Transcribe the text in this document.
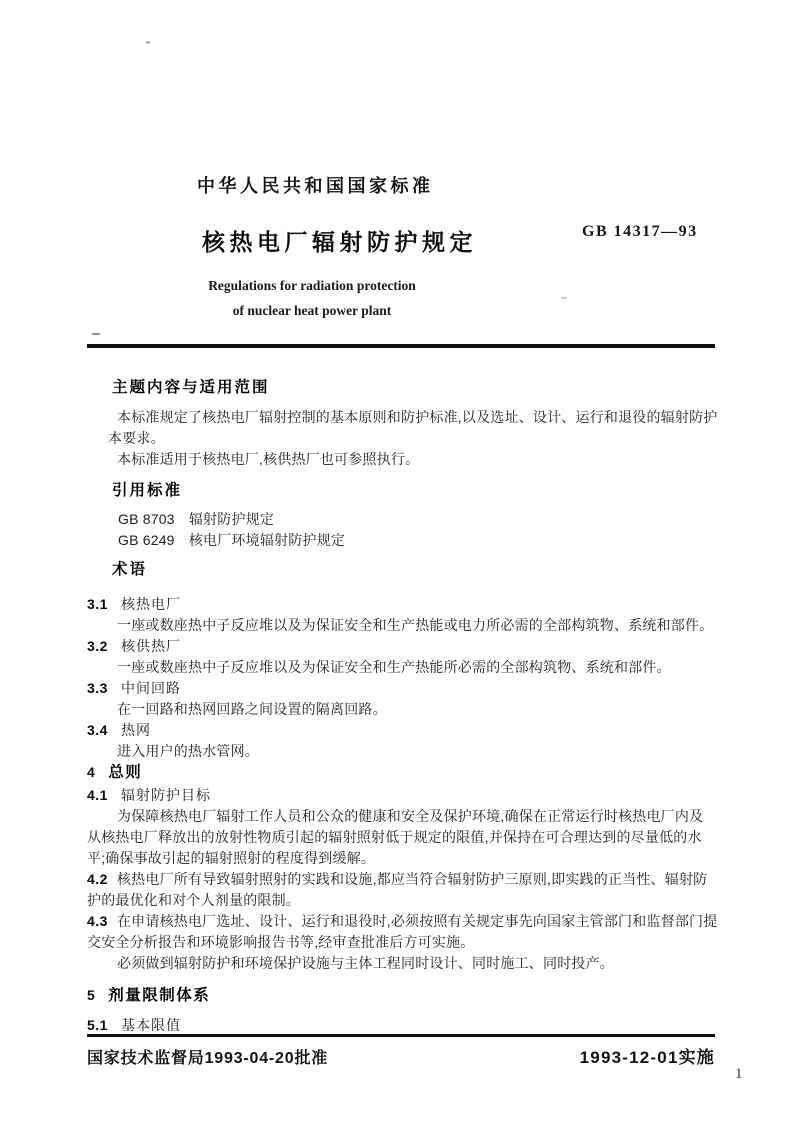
中华人民共和国国家标准
GB 14317—93
核热电厂辐射防护规定
Regulations for radiation protection
of nuclear heat power plant
主题内容与适用范围
本标准规定了核热电厂辐射控制的基本原则和防护标准,以及选址、设计、运行和退役的辐射防护
本要求。
本标准适用于核热电厂,核供热厂也可参照执行。
引用标准
GB 8703　辐射防护规定
GB 6249　核电厂环境辐射防护规定
术语
3.1 核热电厂
一座或数座热中子反应堆以及为保证安全和生产热能或电力所必需的全部构筑物、系统和部件。
3.2 核供热厂
一座或数座热中子反应堆以及为保证安全和生产热能所必需的全部构筑物、系统和部件。
3.3 中间回路
在一回路和热网回路之间设置的隔离回路。
3.4 热网
进入用户的热水管网。
4 总则
4.1 辐射防护目标
为保障核热电厂辐射工作人员和公众的健康和安全及保护环境,确保在正常运行时核热电厂内及
从核热电厂释放出的放射性物质引起的辐射照射低于规定的限值,并保持在可合理达到的尽量低的水
平;确保事故引起的辐射照射的程度得到缓解。
4.2 核热电厂所有导致辐射照射的实践和设施,都应当符合辐射防护三原则,即实践的正当性、辐射防
护的最优化和对个人剂量的限制。
4.3 在申请核热电厂选址、设计、运行和退役时,必须按照有关规定事先向国家主管部门和监督部门提
交安全分析报告和环境影响报告书等,经审查批准后方可实施。
必须做到辐射防护和环境保护设施与主体工程同时设计、同时施工、同时投产。
5 剂量限制体系
5.1 基本限值
国家技术监督局1993-04-20批准	1993-12-01实施
1
